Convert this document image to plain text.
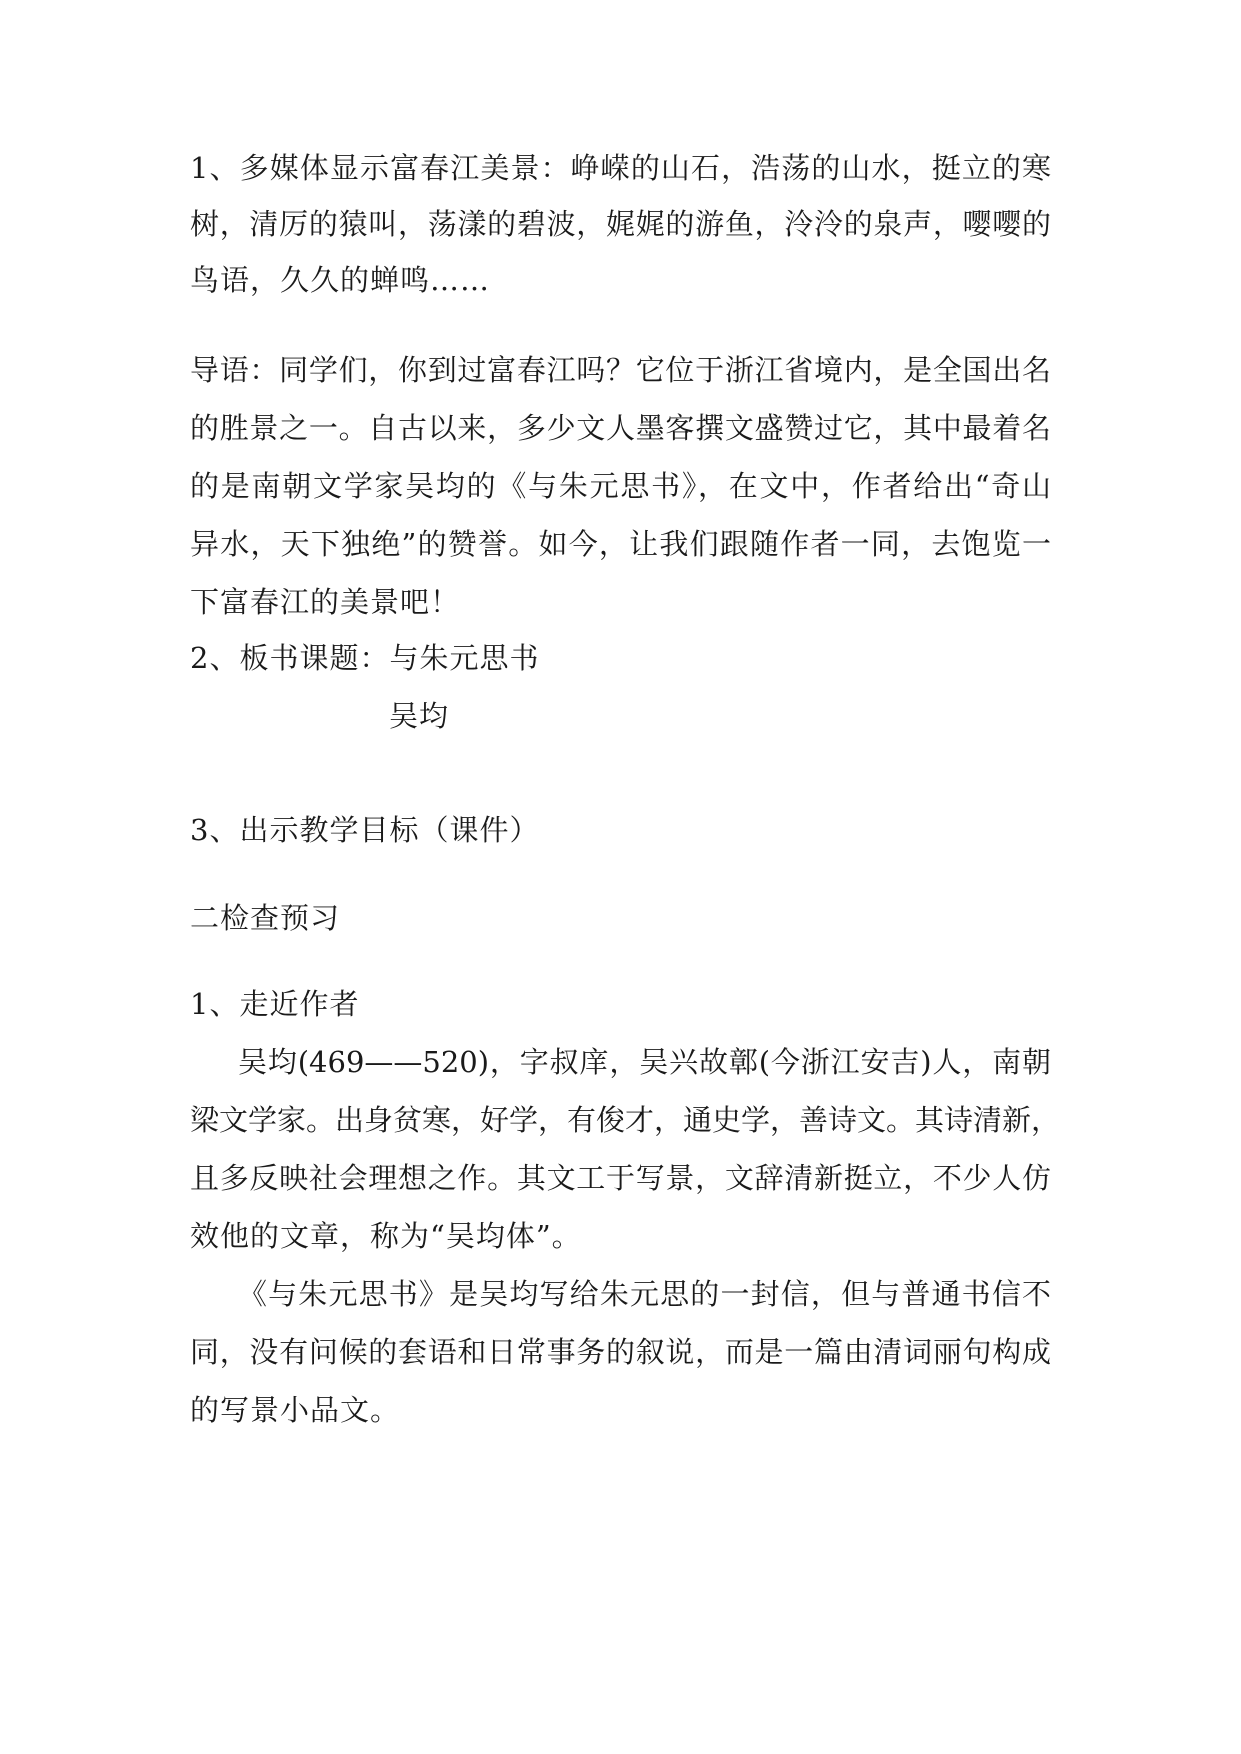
1、多媒体显示富春江美景：峥嵘的山石，浩荡的山水，挺立的寒
树，清厉的猿叫，荡漾的碧波，娓娓的游鱼，泠泠的泉声，嘤嘤的
鸟语，久久的蝉鸣……
导语：同学们，你到过富春江吗？它位于浙江省境内，是全国出名
的胜景之一。自古以来，多少文人墨客撰文盛赞过它，其中最着名
的是南朝文学家吴均的《与朱元思书》，在文中，作者给出“奇山
异水，天下独绝”的赞誉。如今，让我们跟随作者一同，去饱览一
下富春江的美景吧！
2、板书课题：与朱元思书
吴均
3、出示教学目标（课件）
二检查预习
1、走近作者
吴均(469——520)，字叔庠，吴兴故鄣(今浙江安吉)人，南朝
梁文学家。出身贫寒，好学，有俊才，通史学，善诗文。其诗清新，
且多反映社会理想之作。其文工于写景，文辞清新挺立，不少人仿
效他的文章，称为“吴均体”。
《与朱元思书》是吴均写给朱元思的一封信，但与普通书信不
同，没有问候的套语和日常事务的叙说，而是一篇由清词丽句构成
的写景小品文。
